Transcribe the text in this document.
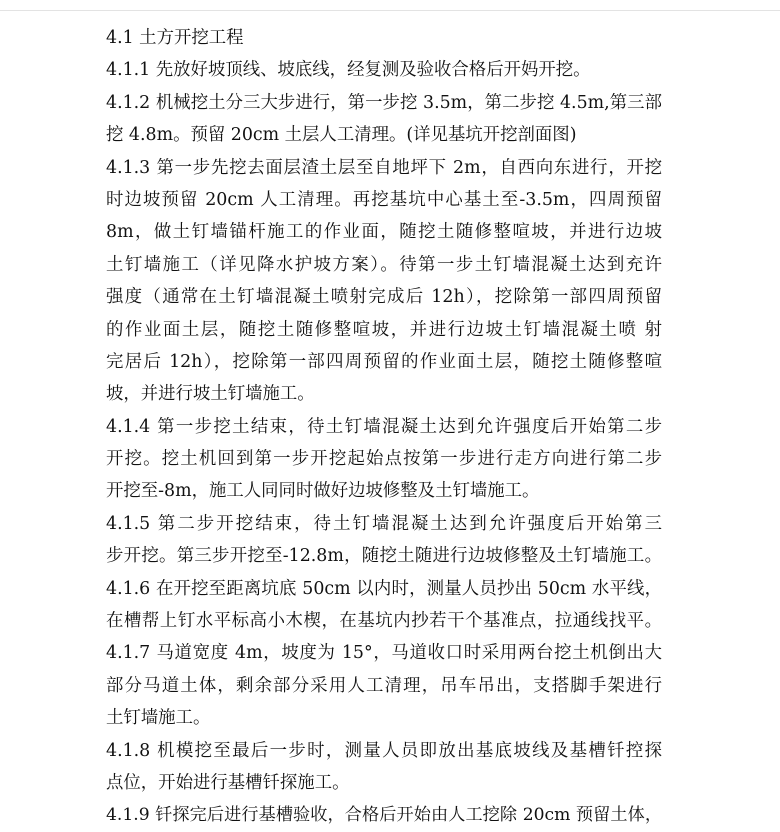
4.1 土方开挖工程
4.1.1 先放好坡顶线、坡底线，经复测及验收合格后开妈开挖。
4.1.2 机械挖土分三大步进行，第一步挖 3.5m，第二步挖 4.5m,第三部
挖 4.8m。预留 20cm 土层人工清理。(详见基坑开挖剖面图)
4.1.3 第一步先挖去面层渣土层至自地坪下 2m，自西向东进行，开挖
时边坡预留 20cm 人工清理。再挖基坑中心基土至-3.5m，四周预留
8m，做土钉墙锚杆施工的作业面，随挖土随修整喧坡，并进行边坡
土钉墙施工（详见降水护坡方案）。待第一步土钉墙混凝土达到充许
强度（通常在土钉墙混凝土喷射完成后 12h），挖除第一部四周预留
的作业面土层，随挖土随修整喧坡，并进行边坡土钉墙混凝土喷 射
完居后 12h），挖除第一部四周预留的作业面土层，随挖土随修整喧
坡，并进行坡土钉墙施工。
4.1.4 第一步挖土结束，待土钉墙混凝土达到允许强度后开始第二步
开挖。挖土机回到第一步开挖起始点按第一步进行走方向进行第二步
开挖至-8m，施工人同同时做好边坡修整及土钉墙施工。
4.1.5 第二步开挖结束，待土钉墙混凝土达到允许强度后开始第三
步开挖。第三步开挖至-12.8m，随挖土随进行边坡修整及土钉墙施工。
4.1.6 在开挖至距离坑底 50cm 以内时，测量人员抄出 50cm 水平线，
在槽帮上钉水平标高小木楔，在基坑内抄若干个基准点，拉通线找平。
4.1.7 马道宽度 4m，坡度为 15°，马道收口时采用两台挖土机倒出大
部分马道土体，剩余部分采用人工清理，吊车吊出，支搭脚手架进行
土钉墙施工。
4.1.8 机模挖至最后一步时，测量人员即放出基底坡线及基槽钎控探
点位，开始进行基槽钎探施工。
4.1.9 钎探完后进行基槽验收，合格后开始由人工挖除 20cm 预留土体，
